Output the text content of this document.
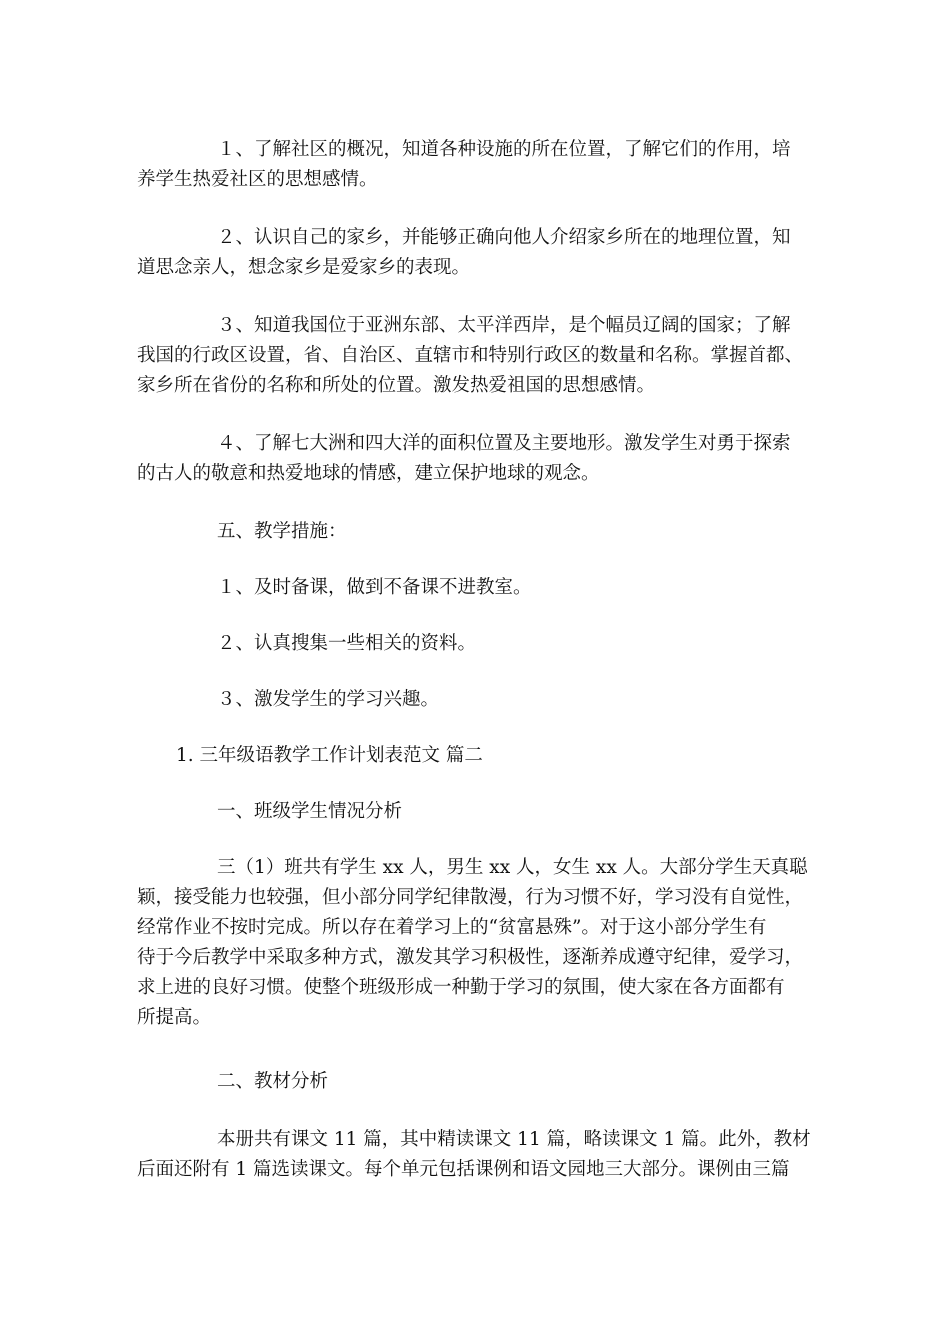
１、了解社区的概况，知道各种设施的所在位置，了解它们的作用，培
养学生热爱社区的思想感情。
２、认识自己的家乡，并能够正确向他人介绍家乡所在的地理位置，知
道思念亲人，想念家乡是爱家乡的表现。
３、知道我国位于亚洲东部、太平洋西岸，是个幅员辽阔的国家；了解
我国的行政区设置，省、自治区、直辖市和特别行政区的数量和名称。掌握首都、
家乡所在省份的名称和所处的位置。激发热爱祖国的思想感情。
４、了解七大洲和四大洋的面积位置及主要地形。激发学生对勇于探索
的古人的敬意和热爱地球的情感，建立保护地球的观念。
五、教学措施：
１、及时备课，做到不备课不进教室。
２、认真搜集一些相关的资料。
３、激发学生的学习兴趣。
1. 三年级语教学工作计划表范文 篇二
一、班级学生情况分析
三（1）班共有学生 xx 人，男生 xx 人，女生 xx 人。大部分学生天真聪
颖，接受能力也较强，但小部分同学纪律散漫，行为习惯不好，学习没有自觉性，
经常作业不按时完成。所以存在着学习上的“贫富悬殊”。对于这小部分学生有
待于今后教学中采取多种方式，激发其学习积极性，逐渐养成遵守纪律，爱学习，
求上进的良好习惯。使整个班级形成一种勤于学习的氛围，使大家在各方面都有
所提高。
二、教材分析
本册共有课文 11 篇，其中精读课文 11 篇，略读课文 1 篇。此外，教材
后面还附有 1 篇选读课文。每个单元包括课例和语文园地三大部分。课例由三篇
